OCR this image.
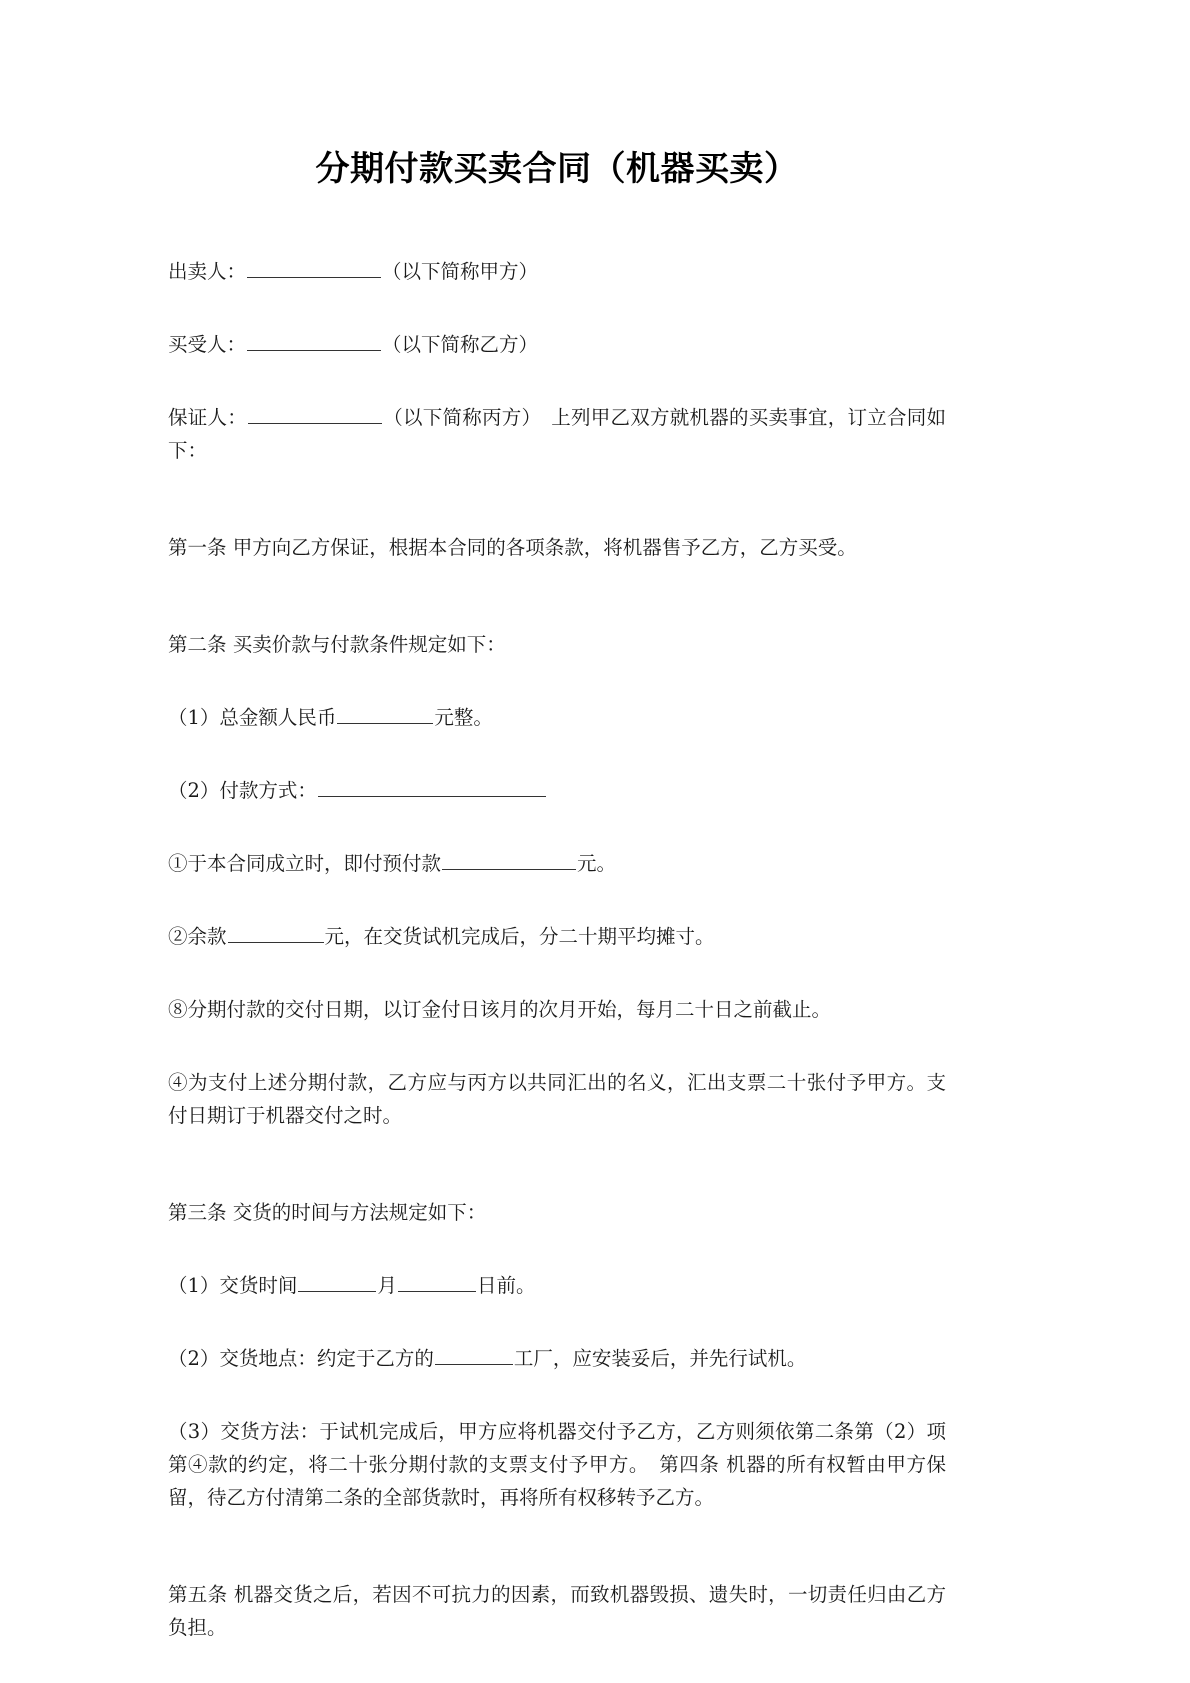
分期付款买卖合同（机器买卖）

出卖人：	（以下简称甲方）

买受人：	（以下简称乙方）

保证人：	（以下简称丙方）　上列甲乙双方就机器的买卖事宜，订立合同如下：

第一条 甲方向乙方保证，根据本合同的各项条款，将机器售予乙方，乙方买受。

第二条 买卖价款与付款条件规定如下：

（1）总金额人民币	元整。

（2）付款方式：

①于本合同成立时，即付预付款	元。

②余款	元，在交货试机完成后，分二十期平均摊寸。

⑧分期付款的交付日期，以订金付日该月的次月开始，每月二十日之前截止。

④为支付上述分期付款，乙方应与丙方以共同汇出的名义，汇出支票二十张付予甲方。支付日期订于机器交付之时。

第三条 交货的时间与方法规定如下：

（1）交货时间	月	日前。

（2）交货地点：约定于乙方的	工厂，应安装妥后，并先行试机。

（3）交货方法：于试机完成后，甲方应将机器交付予乙方，乙方则须依第二条第（2）项第④款的约定，将二十张分期付款的支票支付予甲方。　第四条 机器的所有权暂由甲方保留，待乙方付清第二条的全部货款时，再将所有权移转予乙方。

第五条 机器交货之后，若因不可抗力的因素，而致机器毁损、遗失时，一切责任归由乙方负担。
